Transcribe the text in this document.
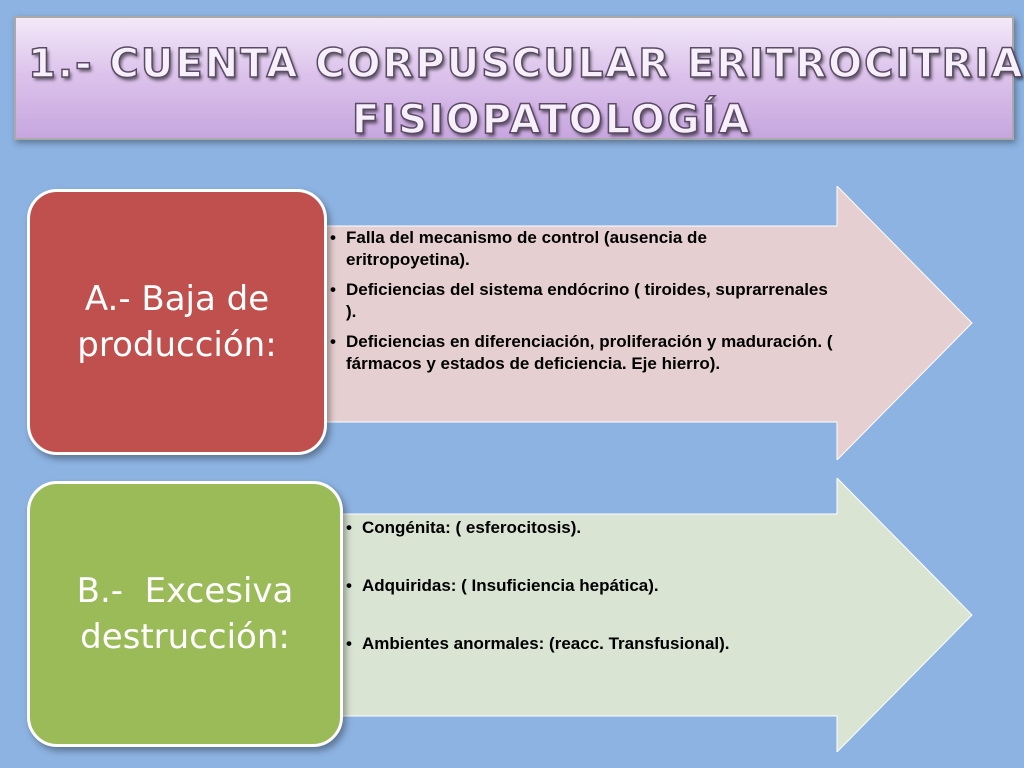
1.- CUENTA CORPUSCULAR ERITROCITRIA
FISIOPATOLOGÍA
• Falla del mecanismo de control (ausencia de eritropoyetina).
• Deficiencias del sistema endócrino ( tiroides, suprarrenales ).
• Deficiencias en diferenciación, proliferación y maduración. ( fármacos y estados de deficiencia. Eje hierro).
A.- Baja de
producción:
• Congénita: ( esferocitosis).
• Adquiridas: ( Insuficiencia hepática).
• Ambientes anormales: (reacc. Transfusional).
B.-  Excesiva
destrucción:
